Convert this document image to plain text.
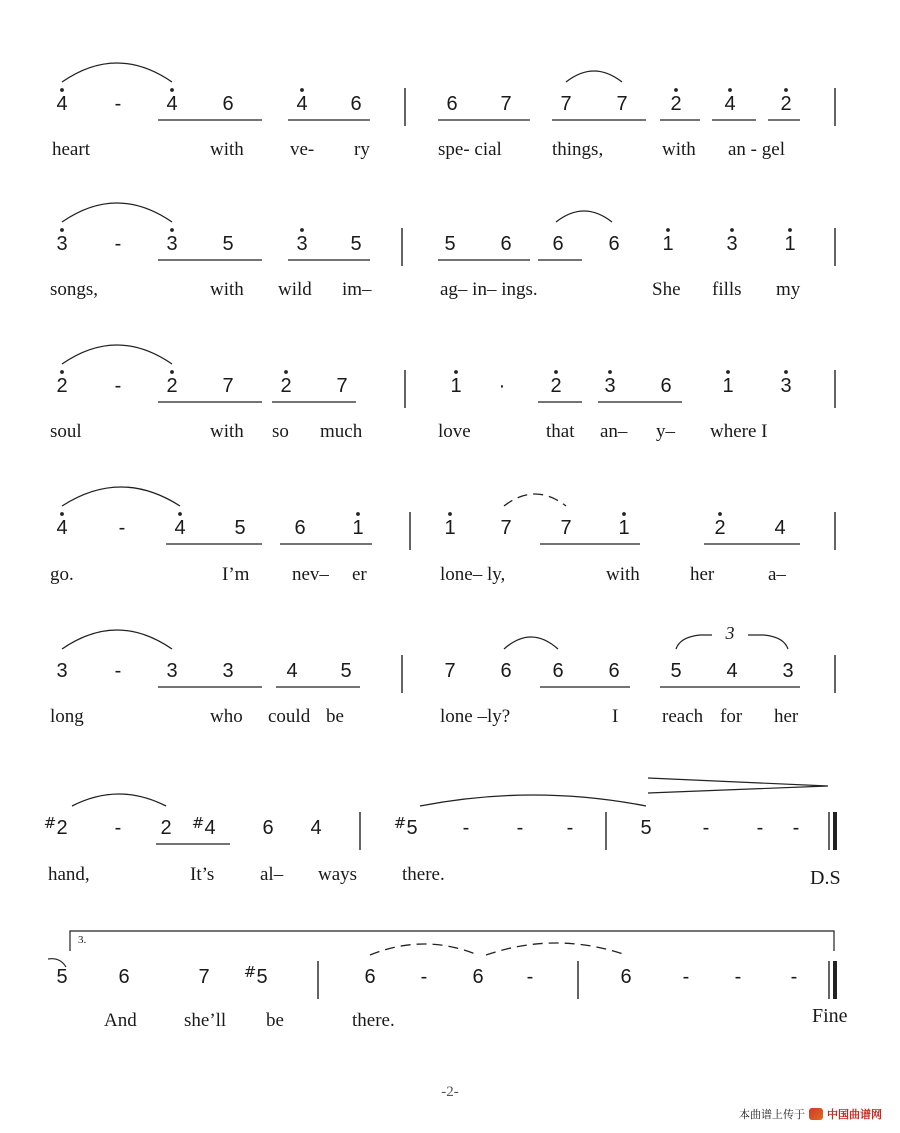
4 - 4 6	4 6	6 7 7 7 2 4 2
heart	with ve- ry	spe- cial	things,	with an - gel
3 - 3 5	3 5	5 6 6 6 1	3 1
songs,	with wild im–	ag– in– ings.	She fills my
2 - 2 7 2 7	1 · 2 3 6	1 3
soul	with so much	love	that an– y– where I
4	- 4 5 6 1	1 7 7 1	2 4
go.	I’m nev– er	lone– ly,	with	her	a–
3 - 3 3	4 5	7 6 6 6	5 4 3
long	who could be	lone –ly?	I reach for her
3
# 2 - 2 # 4 6 4	# 5 - - -	5	- - -
hand,	It’s al– ways there.	D.S
5	6	7 # 5	6 - 6 -	6	- - -
And she’ll be	there.	Fine
3.
-2-
本曲谱上传于 中国曲谱网
